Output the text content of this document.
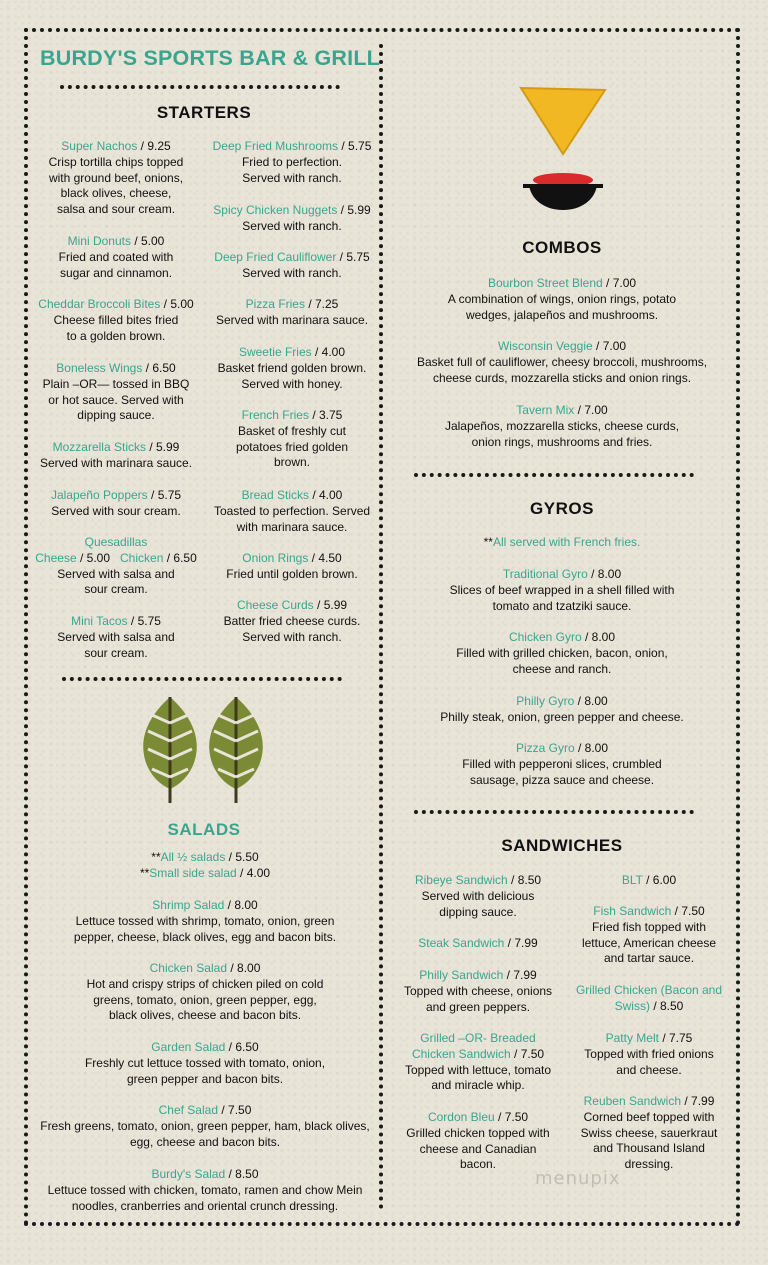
BURDY'S SPORTS BAR & GRILL
STARTERS
Super Nachos / 9.25
Crisp tortilla chips topped
with ground beef, onions,
black olives, cheese,
salsa and sour cream.
Mini Donuts / 5.00
Fried and coated with
sugar and cinnamon.
Cheddar Broccoli Bites / 5.00
Cheese filled bites fried
to a golden brown.
Boneless Wings / 6.50
Plain –OR— tossed in BBQ
or hot sauce. Served with
dipping sauce.
Mozzarella Sticks / 5.99
Served with marinara sauce.
Jalapeño Poppers / 5.75
Served with sour cream.
Quesadillas
Cheese / 5.00 Chicken / 6.50
Served with salsa and
sour cream.
Mini Tacos / 5.75
Served with salsa and
sour cream.
Deep Fried Mushrooms / 5.75
Fried to perfection.
Served with ranch.
Spicy Chicken Nuggets / 5.99
Served with ranch.
Deep Fried Cauliflower / 5.75
Served with ranch.
Pizza Fries / 7.25
Served with marinara sauce.
Sweetie Fries / 4.00
Basket friend golden brown.
Served with honey.
French Fries / 3.75
Basket of freshly cut
potatoes fried golden
brown.
Bread Sticks / 4.00
Toasted to perfection. Served
with marinara sauce.
Onion Rings / 4.50
Fried until golden brown.
Cheese Curds / 5.99
Batter fried cheese curds.
Served with ranch.
SALADS
**All ½ salads / 5.50
**Small side salad / 4.00
Shrimp Salad / 8.00
Lettuce tossed with shrimp, tomato, onion, green
pepper, cheese, black olives, egg and bacon bits.
Chicken Salad / 8.00
Hot and crispy strips of chicken piled on cold
greens, tomato, onion, green pepper, egg,
black olives, cheese and bacon bits.
Garden Salad / 6.50
Freshly cut lettuce tossed with tomato, onion,
green pepper and bacon bits.
Chef Salad / 7.50
Fresh greens, tomato, onion, green pepper, ham, black olives,
egg, cheese and bacon bits.
Burdy's Salad / 8.50
Lettuce tossed with chicken, tomato, ramen and chow Mein
noodles, cranberries and oriental crunch dressing.
COMBOS
Bourbon Street Blend / 7.00
A combination of wings, onion rings, potato
wedges, jalapeños and mushrooms.
Wisconsin Veggie / 7.00
Basket full of cauliflower, cheesy broccoli, mushrooms,
cheese curds, mozzarella sticks and onion rings.
Tavern Mix / 7.00
Jalapeños, mozzarella sticks, cheese curds,
onion rings, mushrooms and fries.
GYROS
**All served with French fries.
Traditional Gyro / 8.00
Slices of beef wrapped in a shell filled with
tomato and tzatziki sauce.
Chicken Gyro / 8.00
Filled with grilled chicken, bacon, onion,
cheese and ranch.
Philly Gyro / 8.00
Philly steak, onion, green pepper and cheese.
Pizza Gyro / 8.00
Filled with pepperoni slices, crumbled
sausage, pizza sauce and cheese.
SANDWICHES
Ribeye Sandwich / 8.50
Served with delicious
dipping sauce.
Steak Sandwich / 7.99
Philly Sandwich / 7.99
Topped with cheese, onions
and green peppers.
Grilled –OR- Breaded
Chicken Sandwich / 7.50
Topped with lettuce, tomato
and miracle whip.
Cordon Bleu / 7.50
Grilled chicken topped with
cheese and Canadian
bacon.
BLT / 6.00
Fish Sandwich / 7.50
Fried fish topped with
lettuce, American cheese
and tartar sauce.
Grilled Chicken (Bacon and
Swiss) / 8.50
Patty Melt / 7.75
Topped with fried onions
and cheese.
Reuben Sandwich / 7.99
Corned beef topped with
Swiss cheese, sauerkraut
and Thousand Island
dressing.
menupix
